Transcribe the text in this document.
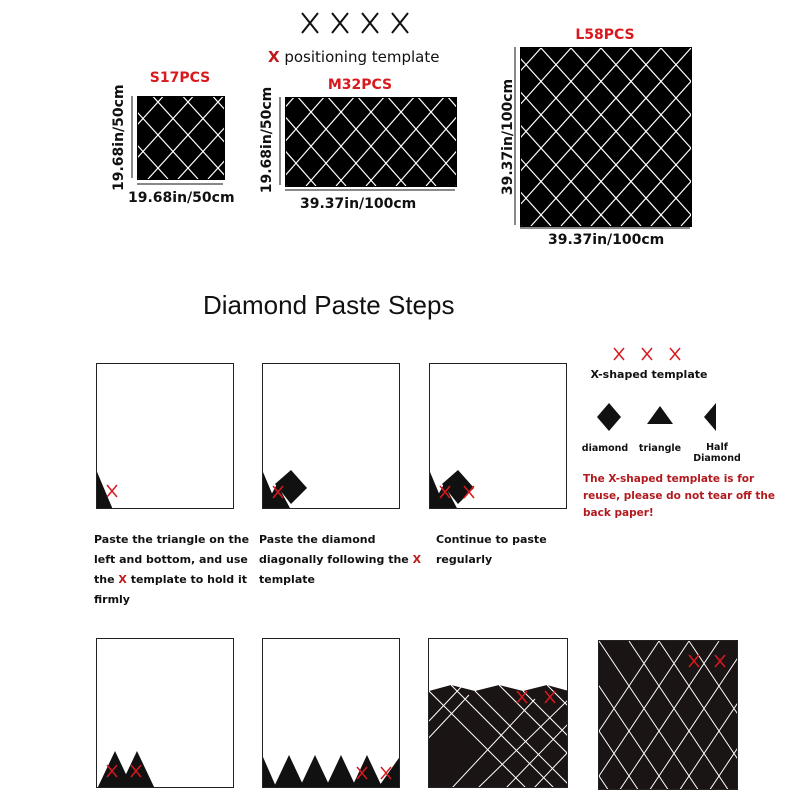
X positioning template
S17PCS
19.68in/50cm
19.68in/50cm
M32PCS
19.68in/50cm
39.37in/100cm
L58PCS
39.37in/100cm
39.37in/100cm
Diamond Paste Steps
Paste the triangle on the left and bottom, and use the X template to hold it firmly
Paste the diamond diagonally following the X template
Continue to paste regularly
X-shaped template
diamond	triangle	Half
Diamond
The X-shaped template is for reuse, please do not tear off the back paper!
